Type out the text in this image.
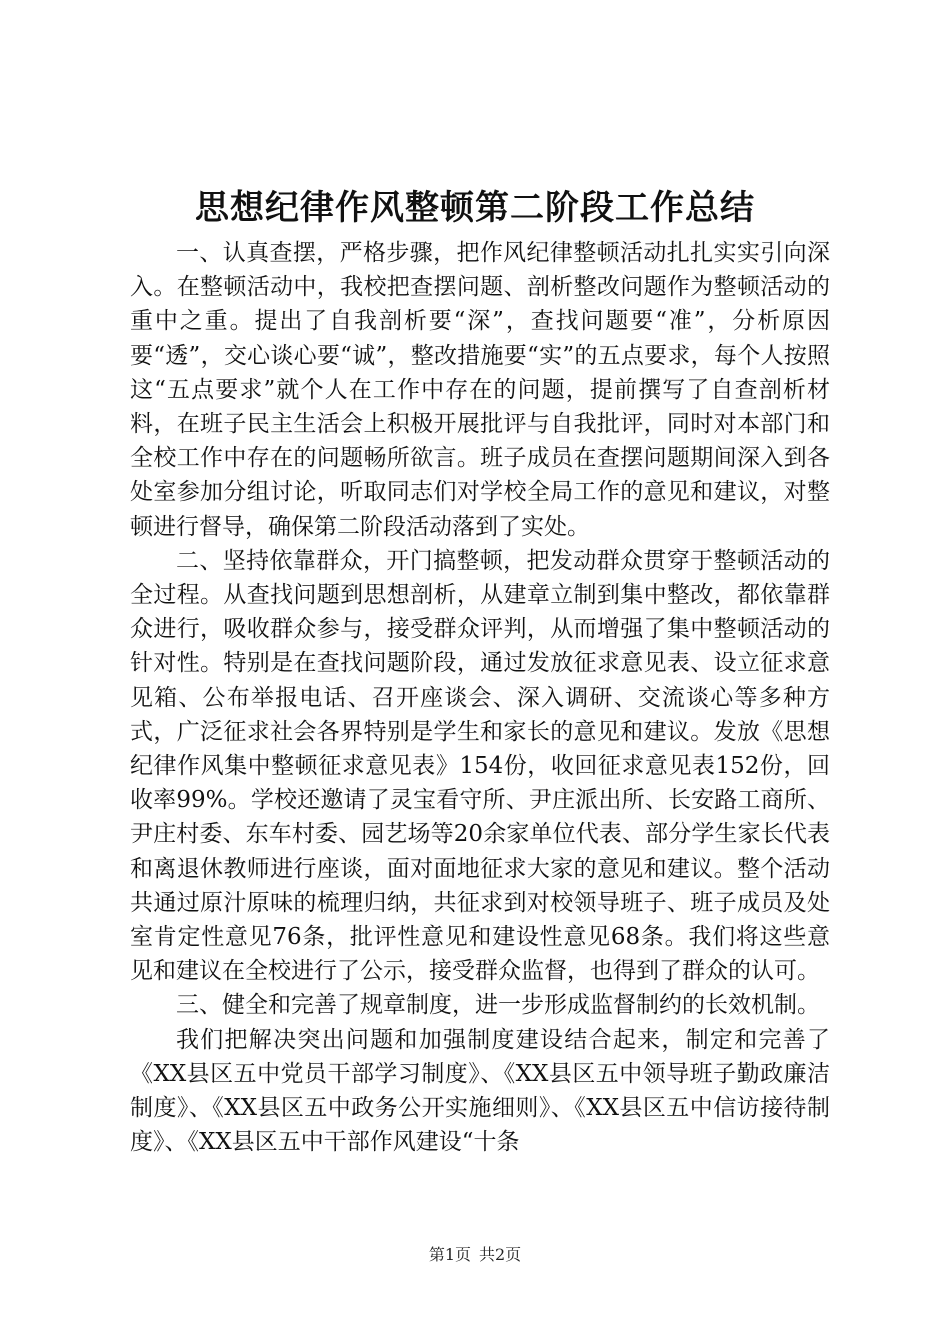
思想纪律作风整顿第二阶段工作总结

一、认真查摆，严格步骤，把作风纪律整顿活动扎扎实实引向深入。在整顿活动中，我校把查摆问题、剖析整改问题作为整顿活动的重中之重。提出了自我剖析要“深”，查找问题要“准”，分析原因要“透”，交心谈心要“诚”，整改措施要“实”的五点要求，每个人按照这“五点要求”就个人在工作中存在的问题，提前撰写了自查剖析材料，在班子民主生活会上积极开展批评与自我批评，同时对本部门和全校工作中存在的问题畅所欲言。班子成员在查摆问题期间深入到各处室参加分组讨论，听取同志们对学校全局工作的意见和建议，对整顿进行督导，确保第二阶段活动落到了实处。

二、坚持依靠群众，开门搞整顿，把发动群众贯穿于整顿活动的全过程。从查找问题到思想剖析，从建章立制到集中整改，都依靠群众进行，吸收群众参与，接受群众评判，从而增强了集中整顿活动的针对性。特别是在查找问题阶段，通过发放征求意见表、设立征求意见箱、公布举报电话、召开座谈会、深入调研、交流谈心等多种方式，广泛征求社会各界特别是学生和家长的意见和建议。发放《思想纪律作风集中整顿征求意见表》154份，收回征求意见表152份，回收率99%。学校还邀请了灵宝看守所、尹庄派出所、长安路工商所、尹庄村委、东车村委、园艺场等20余家单位代表、部分学生家长代表和离退休教师进行座谈，面对面地征求大家的意见和建议。整个活动共通过原汁原味的梳理归纳，共征求到对校领导班子、班子成员及处室肯定性意见76条，批评性意见和建设性意见68条。我们将这些意见和建议在全校进行了公示，接受群众监督，也得到了群众的认可。

三、健全和完善了规章制度，进一步形成监督制约的长效机制。

我们把解决突出问题和加强制度建设结合起来，制定和完善了《XX县区五中党员干部学习制度》、《XX县区五中领导班子勤政廉洁制度》、《XX县区五中政务公开实施细则》、《XX县区五中信访接待制度》、《XX县区五中干部作风建设“十条

第1页 共2页
